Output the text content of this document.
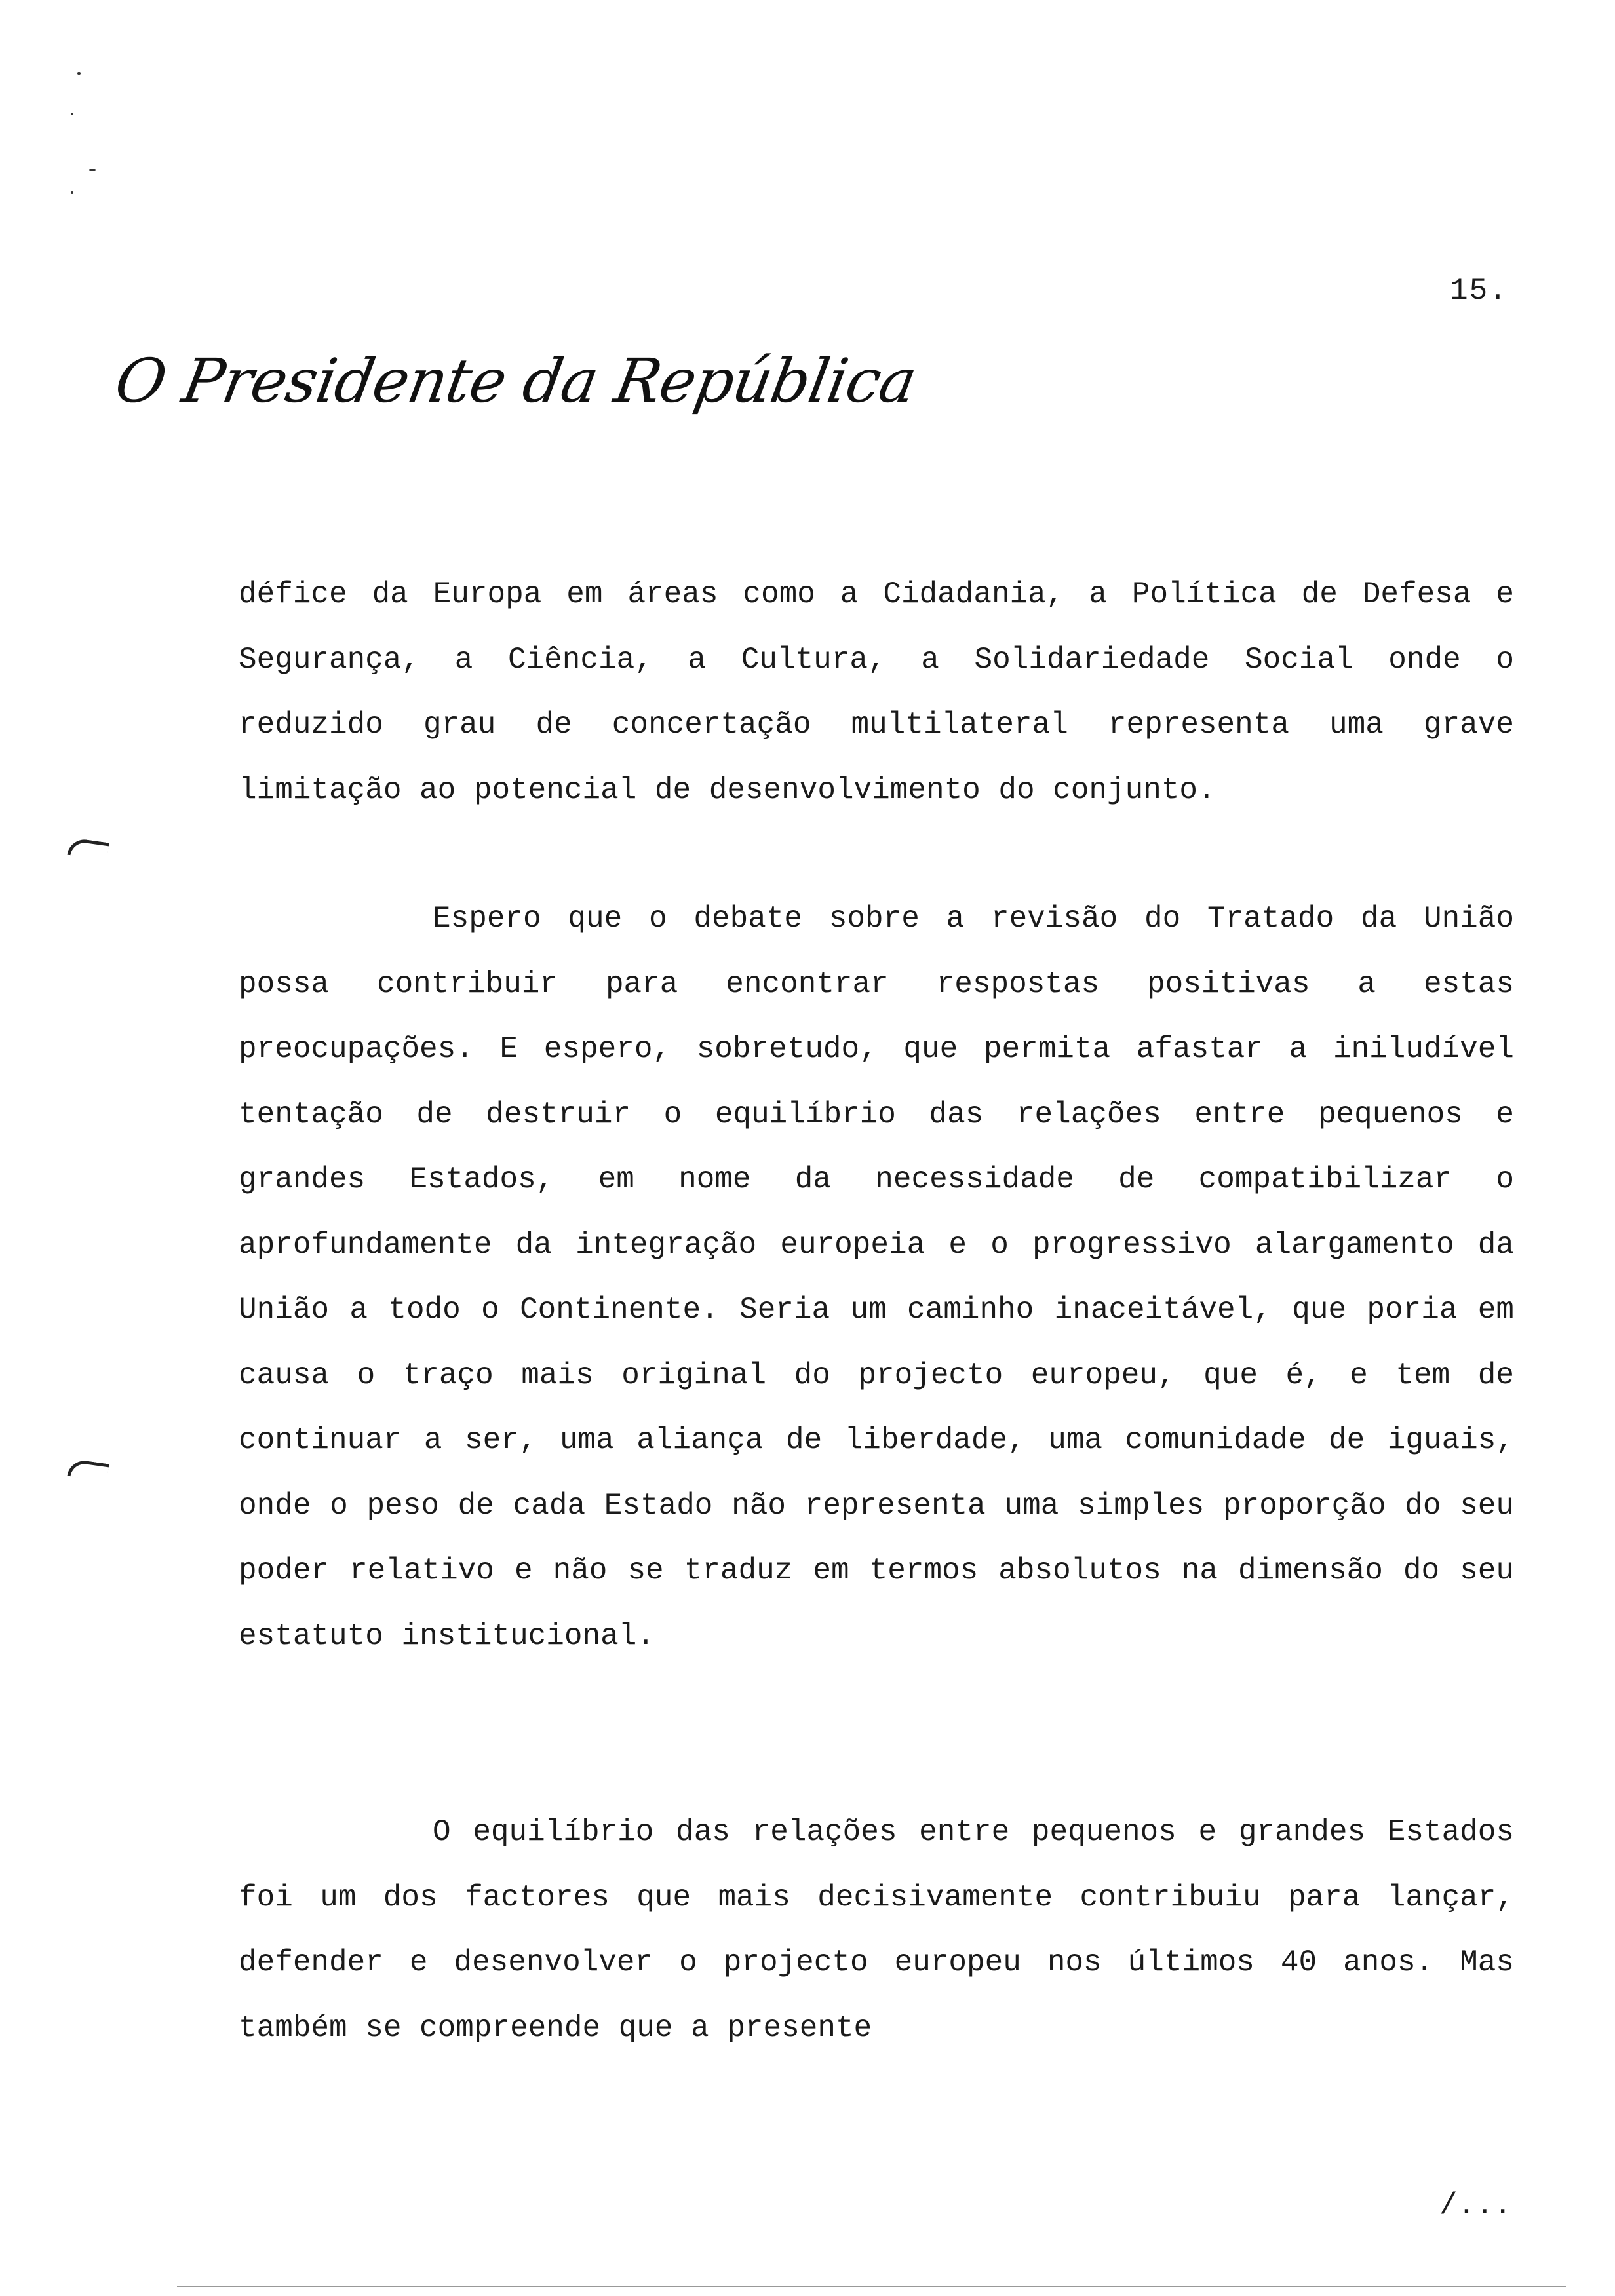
15.
O Presidente da República
défice da Europa em áreas como a Cidadania, a Política de Defesa e Segurança, a Ciência, a Cultura, a Solidariedade Social onde o reduzido grau de concertação multilateral representa uma grave limitação ao potencial de desenvolvimento do conjunto.
Espero que o debate sobre a revisão do Tratado da União possa contribuir para encontrar respostas positivas a estas preocupações. E espero, sobretudo, que permita afastar a iniludível tentação de destruir o equilíbrio das relações entre pequenos e grandes Estados, em nome da necessidade de compatibilizar o aprofundamente da integração europeia e o progressivo alargamento da União a todo o Continente. Seria um caminho inaceitável, que poria em causa o traço mais original do projecto europeu, que é, e tem de continuar a ser, uma aliança de liberdade, uma comunidade de iguais, onde o peso de cada Estado não representa uma simples proporção do seu poder relativo e não se traduz em termos absolutos na dimensão do seu estatuto institucional.
O equilíbrio das relações entre pequenos e grandes Estados foi um dos factores que mais decisivamente contribuiu para lançar, defender e desenvolver o projecto europeu nos últimos 40 anos. Mas também se compreende que a presente
/...
